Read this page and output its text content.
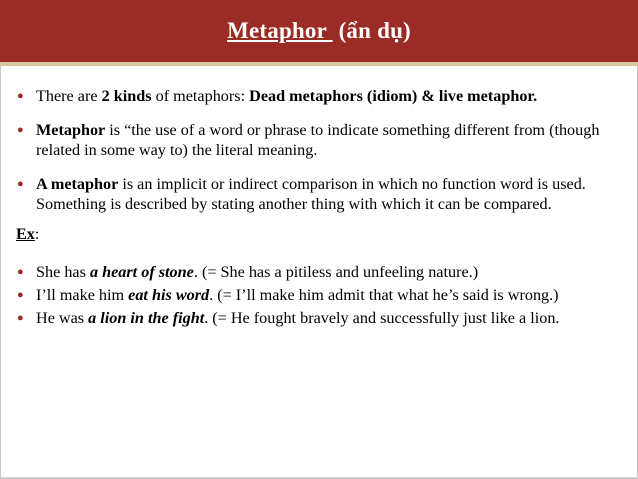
Metaphor (ẩn dụ)
● There are 2 kinds of metaphors: Dead metaphors (idiom) & live metaphor.
● Metaphor is “the use of a word or phrase to indicate something different from (though related in some way to) the literal meaning.
● A metaphor is an implicit or indirect comparison in which no function word is used. Something is described by stating another thing with which it can be compared.
Ex:
● She has a heart of stone. (= She has a pitiless and unfeeling nature.)
● I’ll make him eat his word. (= I’ll make him admit that what he’s said is wrong.)
● He was a lion in the fight. (= He fought bravely and successfully just like a lion.
